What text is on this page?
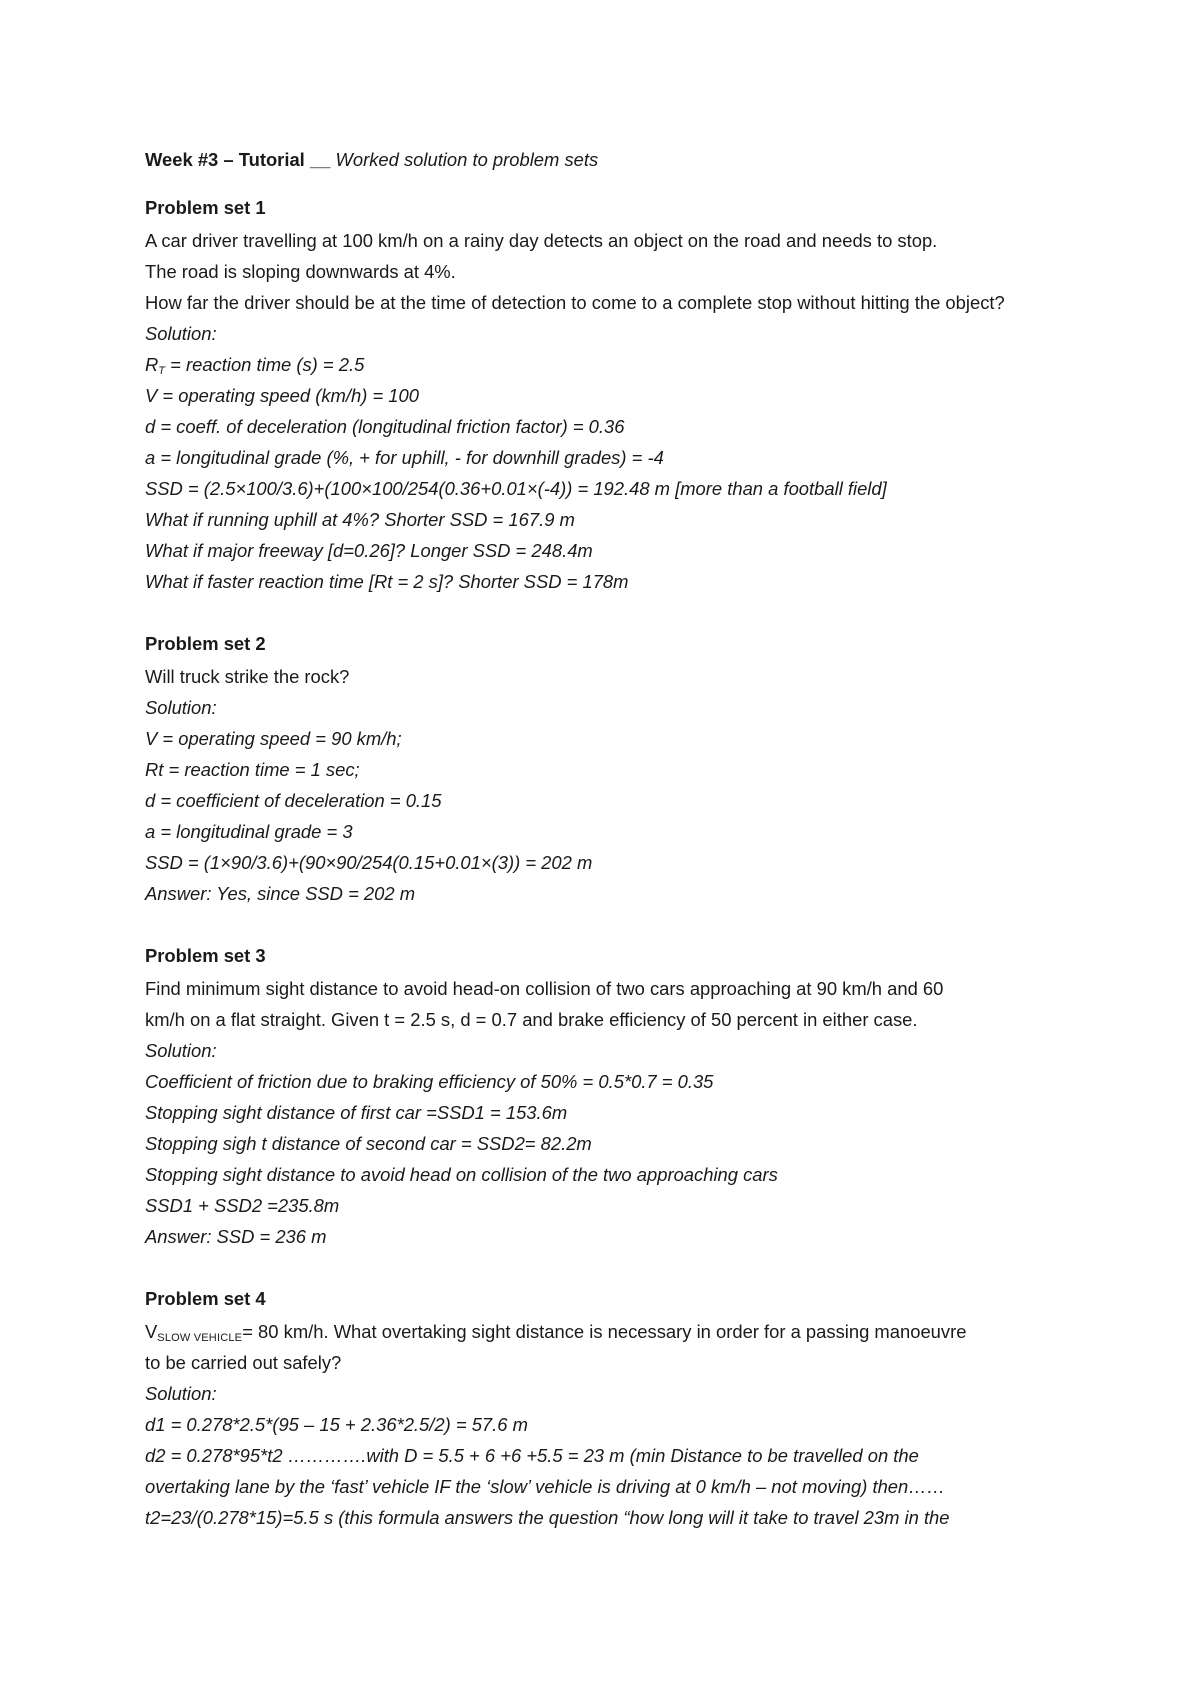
Week #3 – Tutorial __ Worked solution to problem sets

Problem set 1

A car driver travelling at 100 km/h on a rainy day detects an object on the road and needs to stop.

The road is sloping downwards at 4%.

How far the driver should be at the time of detection to come to a complete stop without hitting the object?

Solution:

$R_T$ = reaction time (s) = 2.5

V = operating speed (km/h) = 100

d = coeff. of deceleration (longitudinal friction factor) = 0.36

a = longitudinal grade (%, + for uphill, - for downhill grades) = -4

SSD = (2.5×100/3.6)+(100×100/254(0.36+0.01×(-4)) = 192.48 m [more than a football field]

What if running uphill at 4%? Shorter SSD = 167.9 m

What if major freeway [d=0.26]? Longer SSD = 248.4m

What if faster reaction time [Rt = 2 s]? Shorter SSD = 178m

Problem set 2

Will truck strike the rock?

Solution:

V = operating speed = 90 km/h;

Rt = reaction time = 1 sec;

d = coefficient of deceleration = 0.15

a = longitudinal grade = 3

SSD = (1×90/3.6)+(90×90/254(0.15+0.01×(3)) = 202 m

Answer: Yes, since SSD = 202 m

Problem set 3

Find minimum sight distance to avoid head-on collision of two cars approaching at 90 km/h and 60

km/h on a flat straight. Given t = 2.5 s, d = 0.7 and brake efficiency of 50 percent in either case.

Solution:

Coefficient of friction due to braking efficiency of 50% = 0.5*0.7 = 0.35

Stopping sight distance of first car =SSD1 = 153.6m

Stopping sigh t distance of second car = SSD2= 82.2m

Stopping sight distance to avoid head on collision of the two approaching cars

SSD1 + SSD2 =235.8m

Answer: SSD = 236 m

Problem set 4

VSLOW VEHICLE= 80 km/h. What overtaking sight distance is necessary in order for a passing manoeuvre

to be carried out safely?

Solution:

d1 = 0.278*2.5*(95 – 15 + 2.36*2.5/2) = 57.6 m

d2 = 0.278*95*t2 ………….with D = 5.5 + 6 +6 +5.5 = 23 m (min Distance to be travelled on the

overtaking lane by the ‘fast’ vehicle IF the ‘slow’ vehicle is driving at 0 km/h – not moving) then……

t2=23/(0.278*15)=5.5 s (this formula answers the question “how long will it take to travel 23m in the
